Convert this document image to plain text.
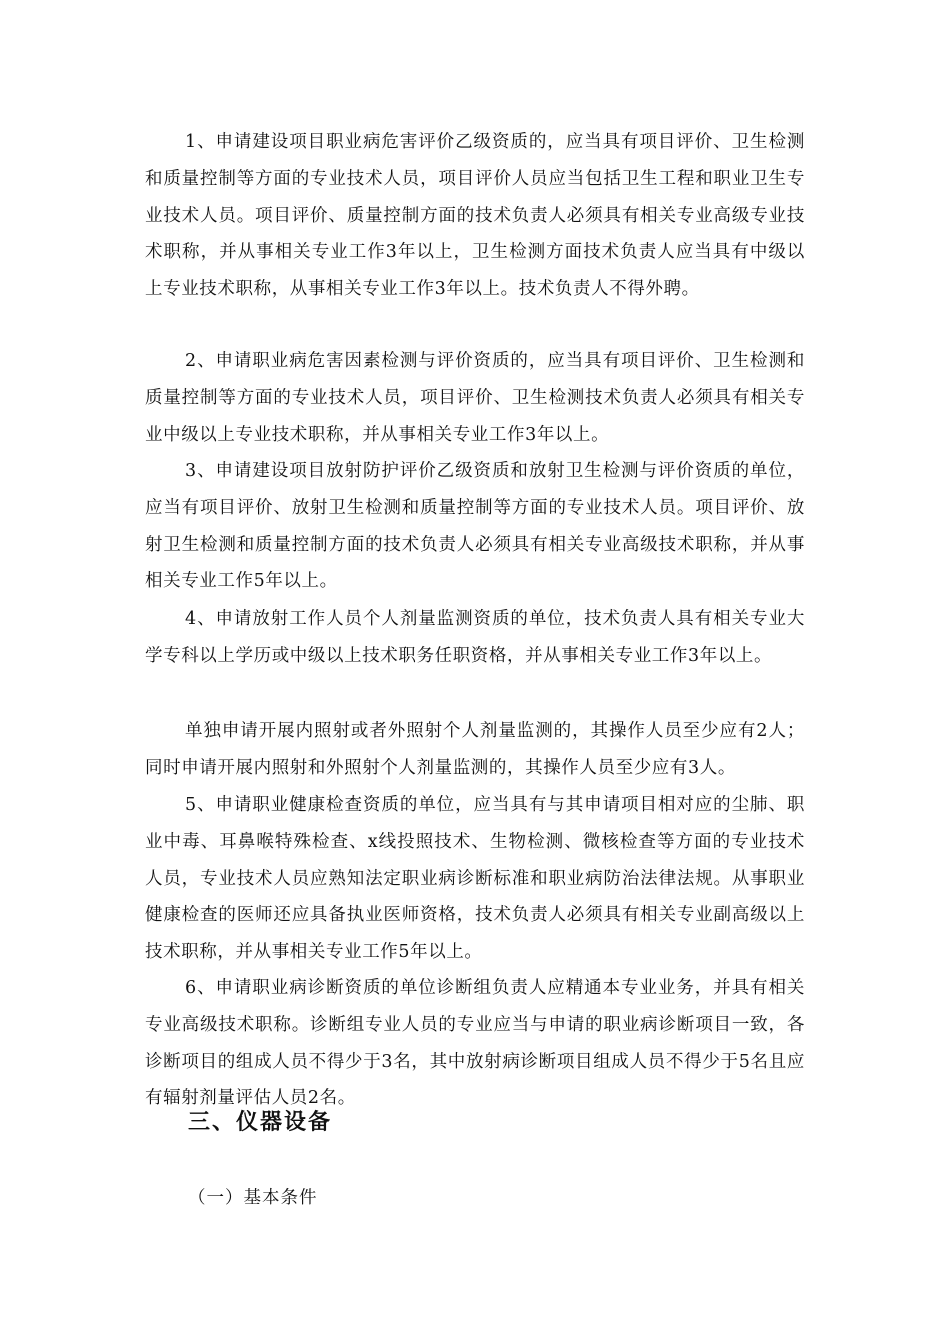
1、申请建设项目职业病危害评价乙级资质的，应当具有项目评价、卫生检测和质量控制等方面的专业技术人员，项目评价人员应当包括卫生工程和职业卫生专业技术人员。项目评价、质量控制方面的技术负责人必须具有相关专业高级专业技术职称，并从事相关专业工作3年以上，卫生检测方面技术负责人应当具有中级以上专业技术职称，从事相关专业工作3年以上。技术负责人不得外聘。

2、申请职业病危害因素检测与评价资质的，应当具有项目评价、卫生检测和质量控制等方面的专业技术人员，项目评价、卫生检测技术负责人必须具有相关专业中级以上专业技术职称，并从事相关专业工作3年以上。

3、申请建设项目放射防护评价乙级资质和放射卫生检测与评价资质的单位，应当有项目评价、放射卫生检测和质量控制等方面的专业技术人员。项目评价、放射卫生检测和质量控制方面的技术负责人必须具有相关专业高级技术职称，并从事相关专业工作5年以上。

4、申请放射工作人员个人剂量监测资质的单位，技术负责人具有相关专业大学专科以上学历或中级以上技术职务任职资格，并从事相关专业工作3年以上。

单独申请开展内照射或者外照射个人剂量监测的，其操作人员至少应有2人；同时申请开展内照射和外照射个人剂量监测的，其操作人员至少应有3人。

5、申请职业健康检查资质的单位，应当具有与其申请项目相对应的尘肺、职业中毒、耳鼻喉特殊检查、x线投照技术、生物检测、微核检查等方面的专业技术人员，专业技术人员应熟知法定职业病诊断标准和职业病防治法律法规。从事职业健康检查的医师还应具备执业医师资格，技术负责人必须具有相关专业副高级以上技术职称，并从事相关专业工作5年以上。

6、申请职业病诊断资质的单位诊断组负责人应精通本专业业务，并具有相关专业高级技术职称。诊断组专业人员的专业应当与申请的职业病诊断项目一致，各诊断项目的组成人员不得少于3名，其中放射病诊断项目组成人员不得少于5名且应有辐射剂量评估人员2名。

三、仪器设备

（一）基本条件
